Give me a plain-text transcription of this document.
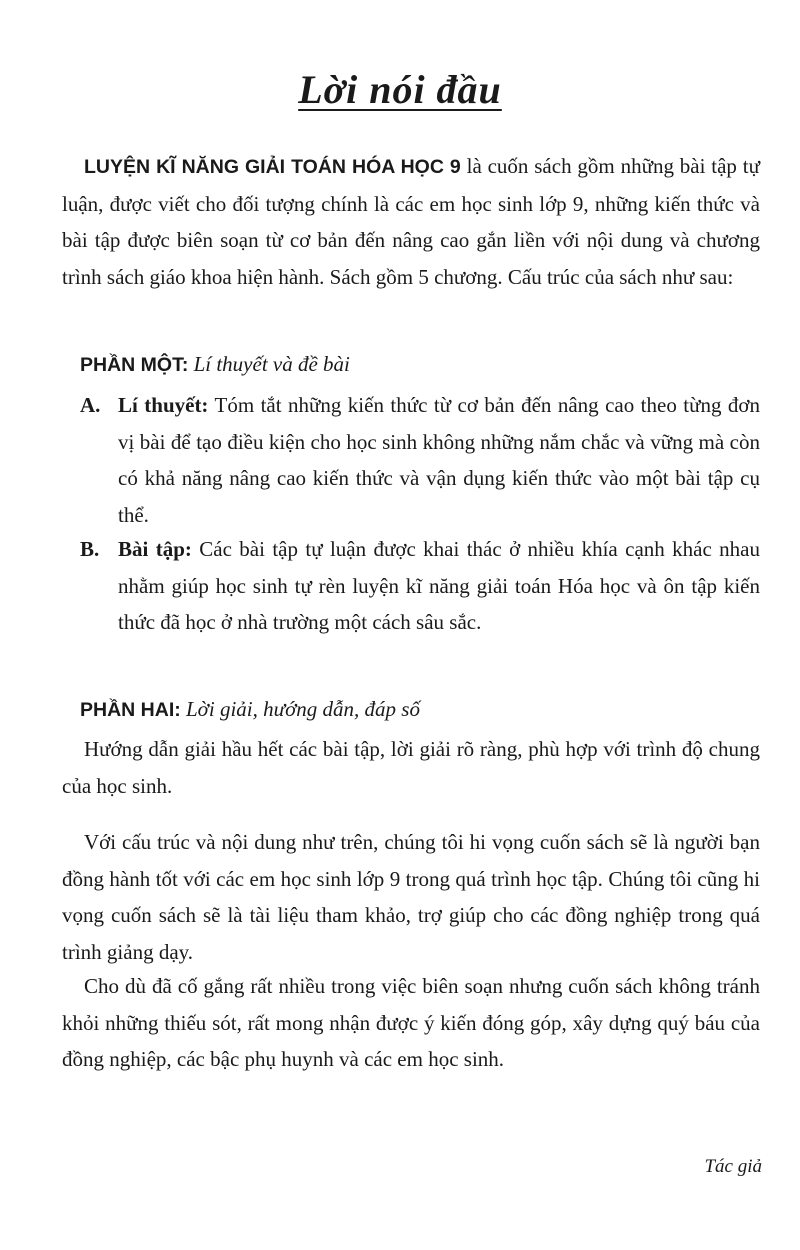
Lời nói đầu
LUYỆN KĨ NĂNG GIẢI TOÁN HÓA HỌC 9 là cuốn sách gồm những bài tập tự luận, được viết cho đối tượng chính là các em học sinh lớp 9, những kiến thức và bài tập được biên soạn từ cơ bản đến nâng cao gắn liền với nội dung và chương trình sách giáo khoa hiện hành. Sách gồm 5 chương. Cấu trúc của sách như sau:
PHẦN MỘT: Lí thuyết và đề bài
A. Lí thuyết: Tóm tắt những kiến thức từ cơ bản đến nâng cao theo từng đơn vị bài để tạo điều kiện cho học sinh không những nắm chắc và vững mà còn có khả năng nâng cao kiến thức và vận dụng kiến thức vào một bài tập cụ thể.
B. Bài tập: Các bài tập tự luận được khai thác ở nhiều khía cạnh khác nhau nhằm giúp học sinh tự rèn luyện kĩ năng giải toán Hóa học và ôn tập kiến thức đã học ở nhà trường một cách sâu sắc.
PHẦN HAI: Lời giải, hướng dẫn, đáp số
Hướng dẫn giải hầu hết các bài tập, lời giải rõ ràng, phù hợp với trình độ chung của học sinh.
Với cấu trúc và nội dung như trên, chúng tôi hi vọng cuốn sách sẽ là người bạn đồng hành tốt với các em học sinh lớp 9 trong quá trình học tập. Chúng tôi cũng hi vọng cuốn sách sẽ là tài liệu tham khảo, trợ giúp cho các đồng nghiệp trong quá trình giảng dạy.
Cho dù đã cố gắng rất nhiều trong việc biên soạn nhưng cuốn sách không tránh khỏi những thiếu sót, rất mong nhận được ý kiến đóng góp, xây dựng quý báu của đồng nghiệp, các bậc phụ huynh và các em học sinh.
Tác giả
